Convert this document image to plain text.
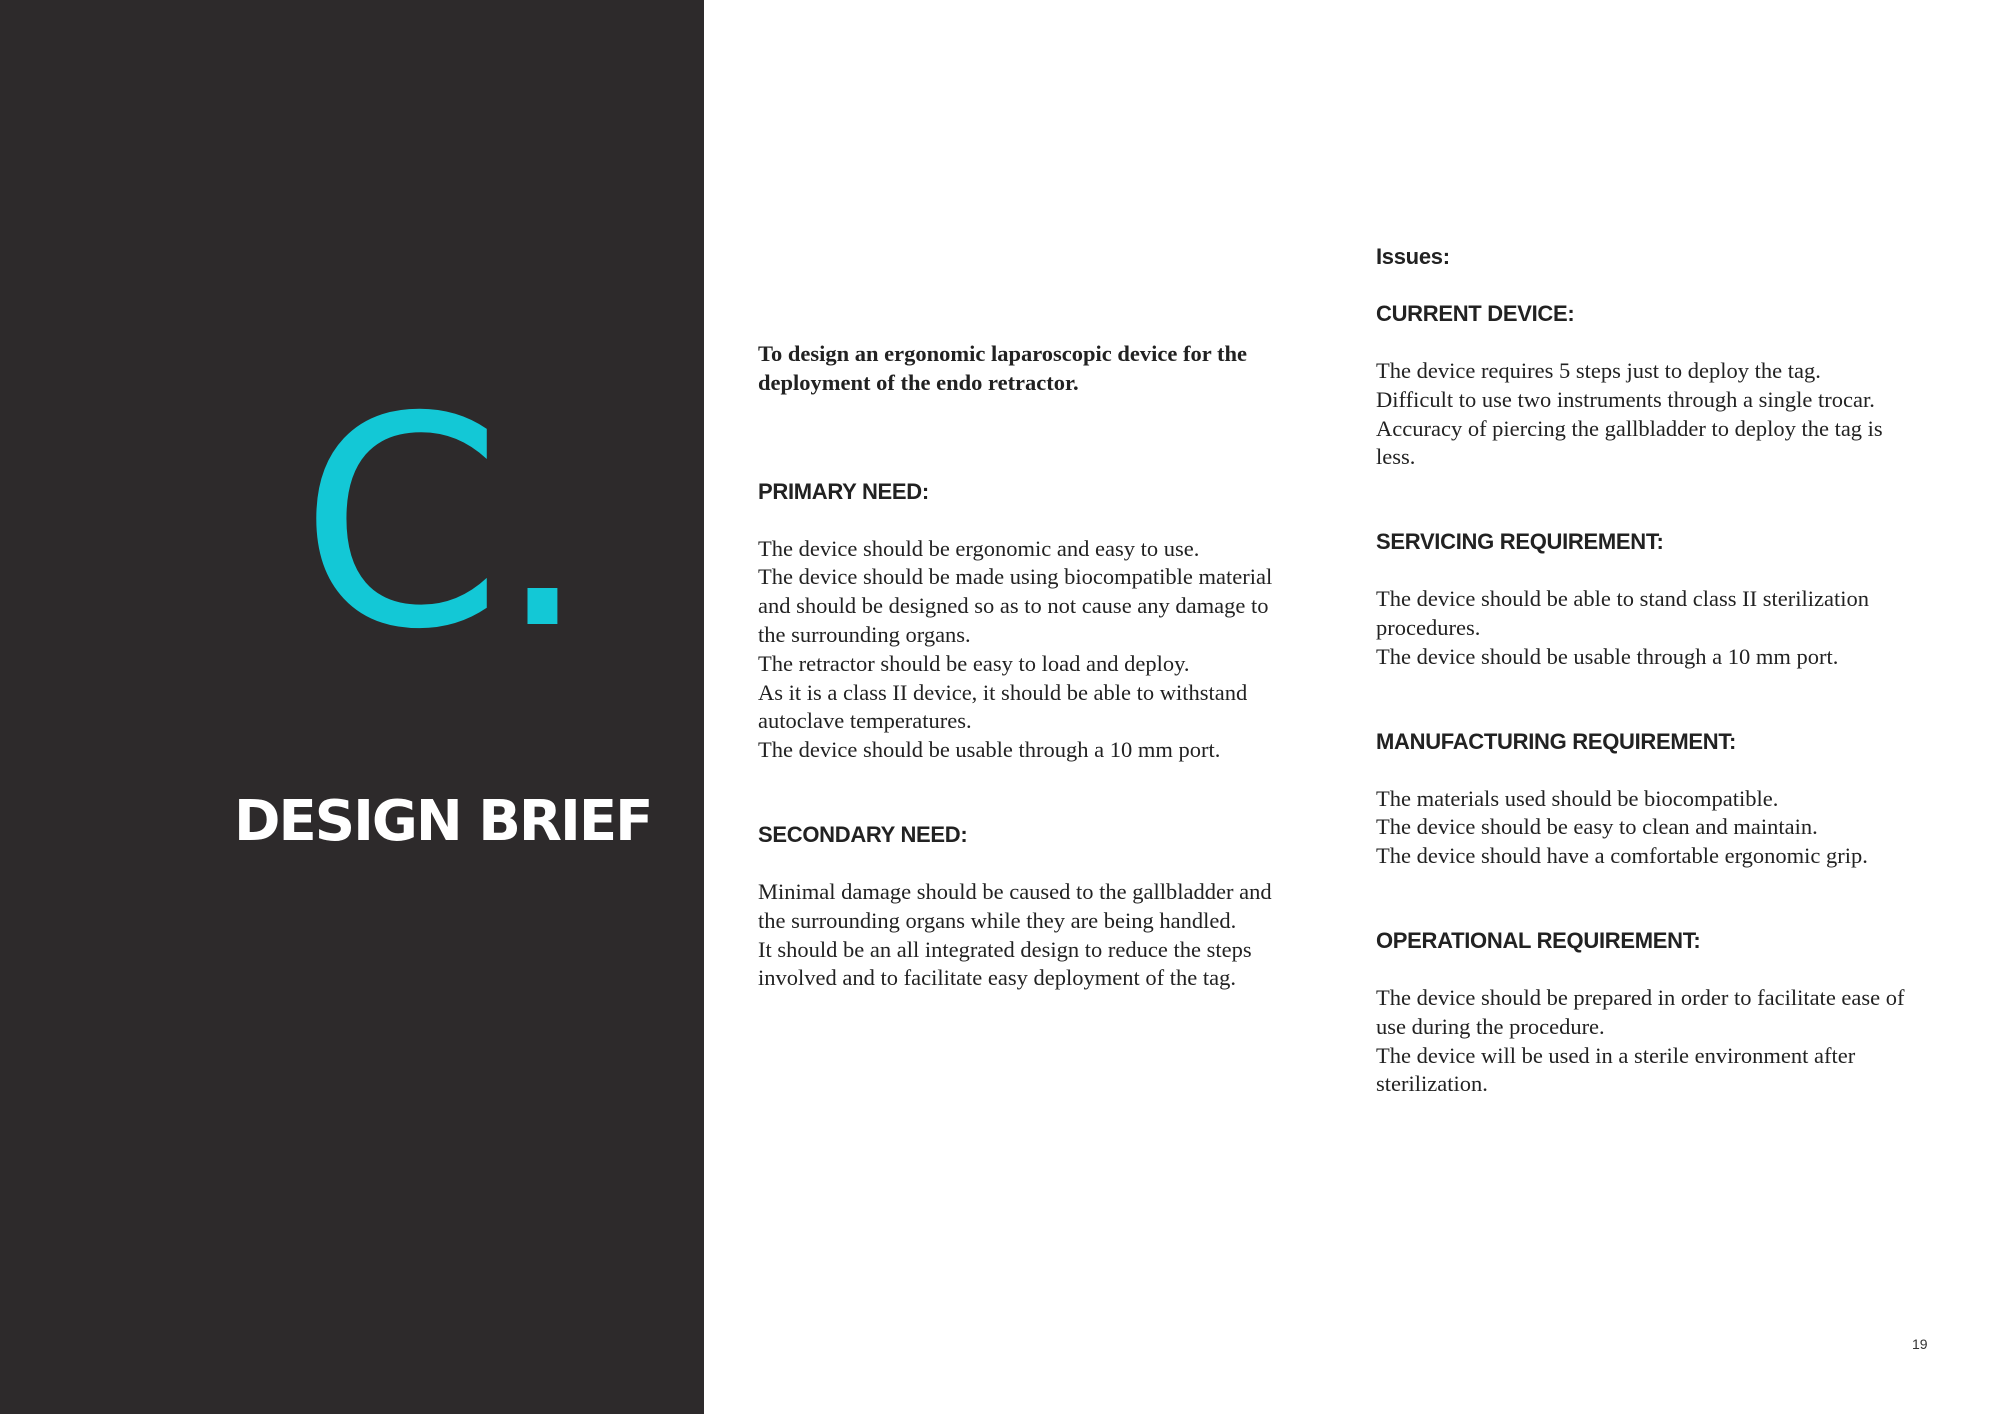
C.
DESIGN BRIEF
To design an ergonomic laparoscopic device for the
deployment of the endo retractor.
PRIMARY NEED:
The device should be ergonomic and easy to use.
The device should be made using biocompatible material
and should be designed so as to not cause any damage to
the surrounding organs.
The retractor should be easy to load and deploy.
As it is a class II device, it should be able to withstand
autoclave temperatures.
The device should be usable through a 10 mm port.
SECONDARY NEED:
Minimal damage should be caused to the gallbladder and
the surrounding organs while they are being handled.
It should be an all integrated design to reduce the steps
involved and to facilitate easy deployment of the tag.
Issues:
CURRENT DEVICE:
The device requires 5 steps just to deploy the tag.
Difficult to use two instruments through a single trocar.
Accuracy of piercing the gallbladder to deploy the tag is
less.
SERVICING REQUIREMENT:
The device should be able to stand class II sterilization
procedures.
The device should be usable through a 10 mm port.
MANUFACTURING REQUIREMENT:
The materials used should be biocompatible.
The device should be easy to clean and maintain.
The device should have a comfortable ergonomic grip.
OPERATIONAL REQUIREMENT:
The device should be prepared in order to facilitate ease of
use during the procedure.
The device will be used in a sterile environment after
sterilization.
19
